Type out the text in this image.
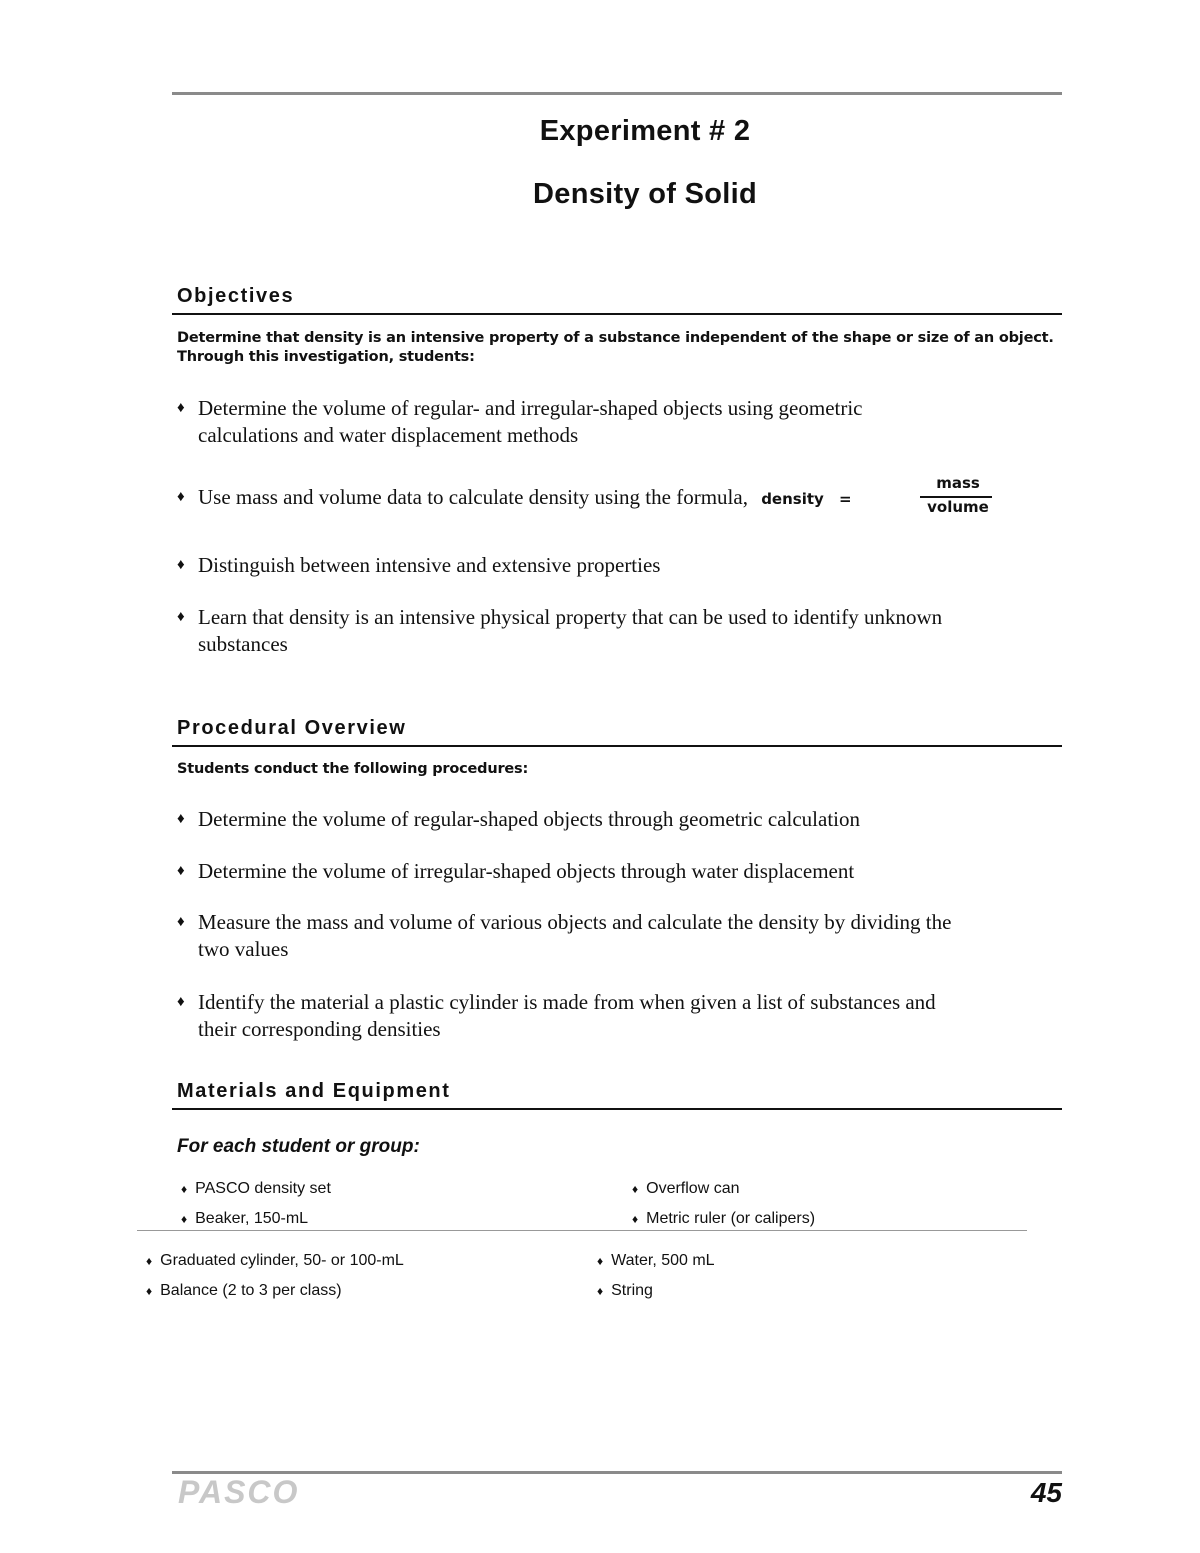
Experiment # 2
Density of Solid
Objectives
Determine that density is an intensive property of a substance independent of the shape or size of an object.
Through this investigation, students:
♦ Determine the volume of regular- and irregular-shaped objects using geometric
calculations and water displacement methods
♦ Use mass and volume data to calculate density using the formula, density =
mass
volume
♦ Distinguish between intensive and extensive properties
♦ Learn that density is an intensive physical property that can be used to identify unknown
substances
Procedural Overview
Students conduct the following procedures:
♦ Determine the volume of regular-shaped objects through geometric calculation
♦ Determine the volume of irregular-shaped objects through water displacement
♦ Measure the mass and volume of various objects and calculate the density by dividing the
two values
♦ Identify the material a plastic cylinder is made from when given a list of substances and
their corresponding densities
Materials and Equipment
For each student or group:
♦ PASCO density set	♦ Overflow can
♦ Beaker, 150-mL	♦ Metric ruler (or calipers)
♦ Graduated cylinder, 50- or 100-mL	♦ Water, 500 mL
♦ Balance (2 to 3 per class)	♦ String
PASCO	45
